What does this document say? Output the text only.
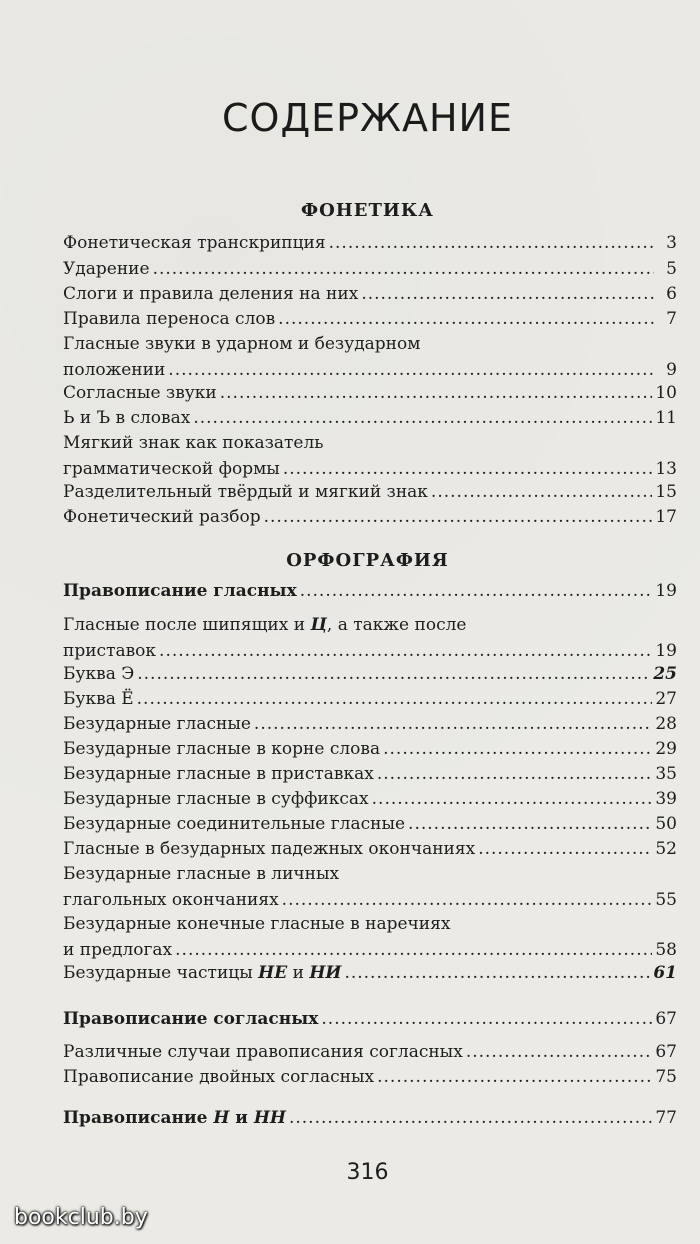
СОДЕРЖАНИЕ
ФОНЕТИКА
Фонетическая транскрипция .....	3
Ударение .....	5
Слоги и правила деления на них .....	6
Правила переноса слов .....	7
Гласные звуки в ударном и безударном
положении .....	9
Согласные звуки .....	10
Ь и Ъ в словах .....	11
Мягкий знак как показатель
грамматической формы .....	13
Разделительный твёрдый и мягкий знак .....	15
Фонетический разбор .....	17
ОРФОГРАФИЯ
Правописание гласных .....	19
Гласные после шипящих и Ц, а также после
приставок .....	19
Буква Э .....	25
Буква Ё .....	27
Безударные гласные .....	28
Безударные гласные в корне слова .....	29
Безударные гласные в приставках .....	35
Безударные гласные в суффиксах .....	39
Безударные соединительные гласные .....	50
Гласные в безударных падежных окончаниях .....	52
Безударные гласные в личных
глагольных окончаниях .....	55
Безударные конечные гласные в наречиях
и предлогах .....	58
Безударные частицы НЕ и НИ .....	61
Правописание согласных .....	67
Различные случаи правописания согласных .....	67
Правописание двойных согласных .....	75
Правописание Н и НН .....	77
316
bookclub.by
